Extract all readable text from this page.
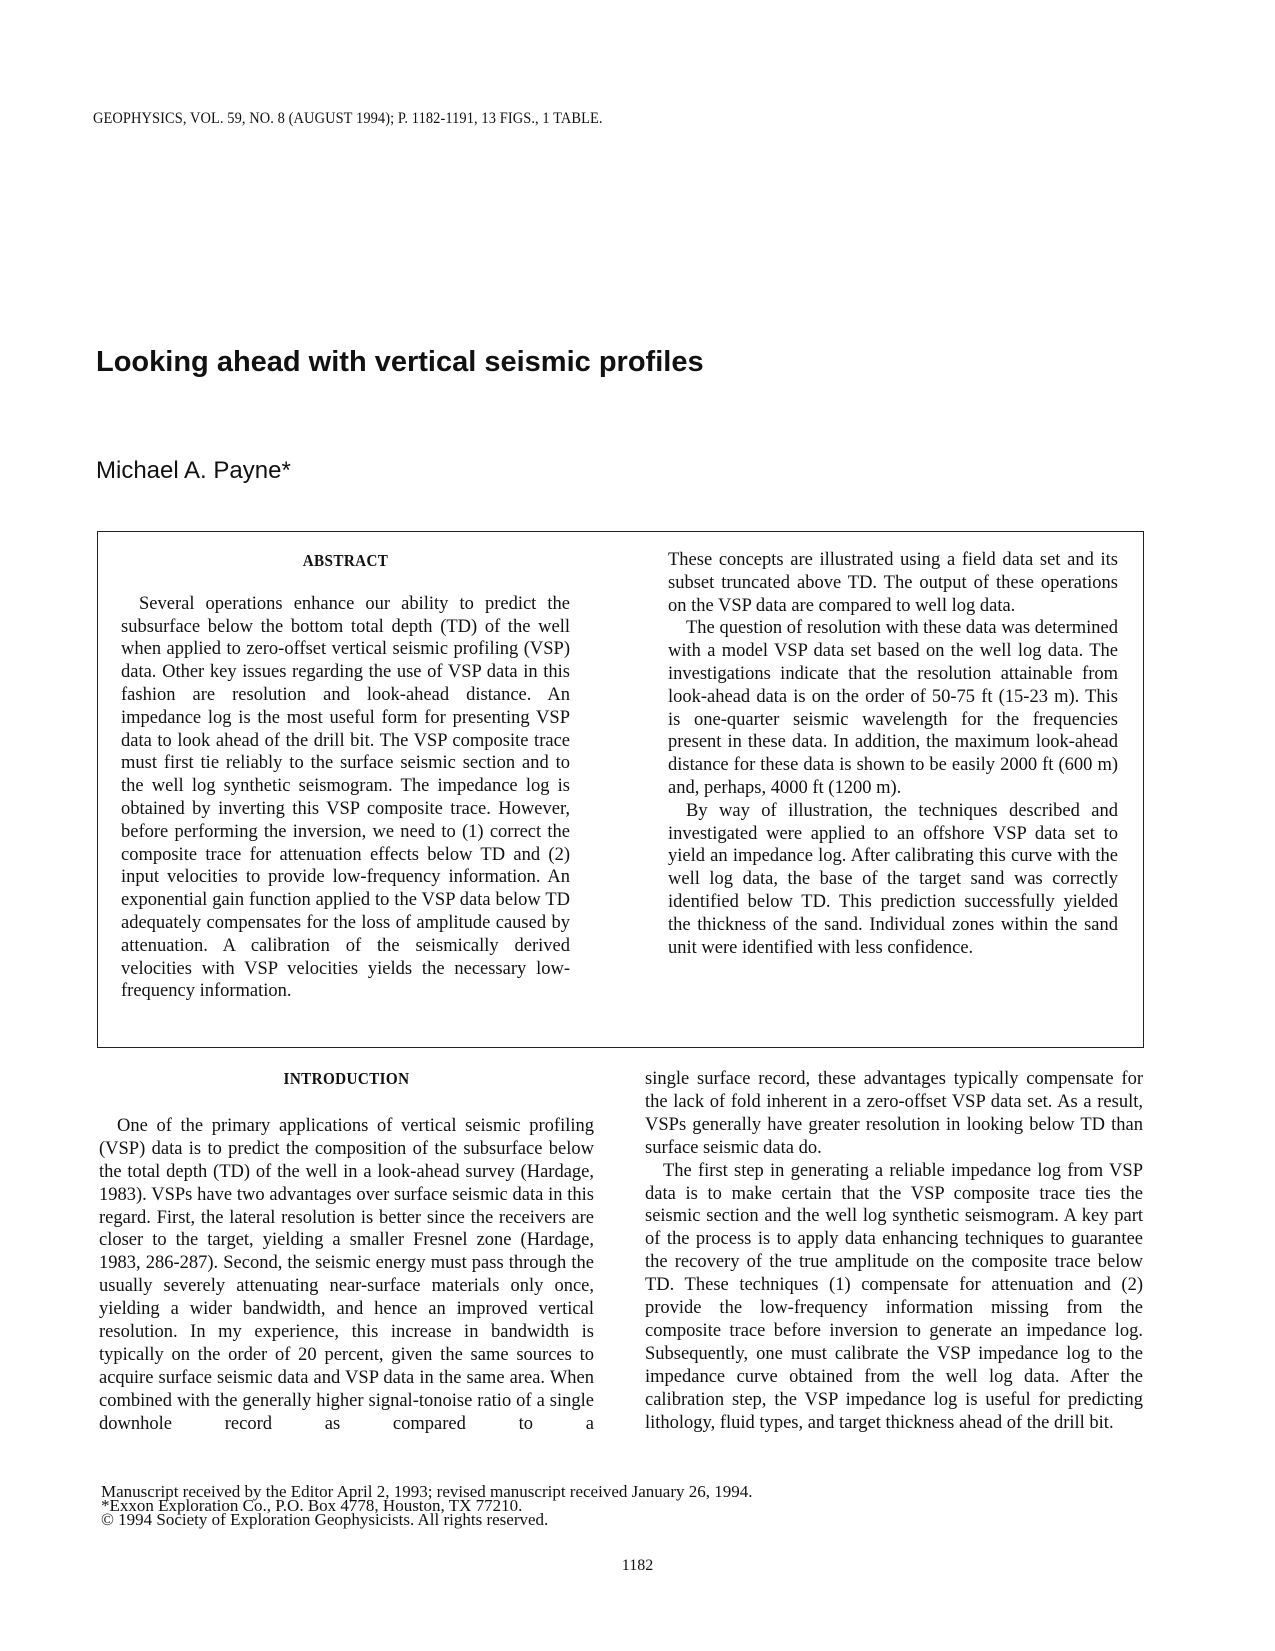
GEOPHYSICS, VOL. 59, NO. 8 (AUGUST 1994); P. 1182-1191, 13 FIGS., 1 TABLE.
Looking ahead with vertical seismic profiles
Michael A. Payne*
ABSTRACT

Several operations enhance our ability to predict the subsurface below the bottom total depth (TD) of the well when applied to zero-offset vertical seismic profiling (VSP) data. Other key issues regarding the use of VSP data in this fashion are resolution and look-ahead distance. An impedance log is the most useful form for presenting VSP data to look ahead of the drill bit. The VSP composite trace must first tie reliably to the surface seismic section and to the well log synthetic seismogram. The impedance log is obtained by inverting this VSP composite trace. However, before performing the inversion, we need to (1) correct the composite trace for attenuation effects below TD and (2) input velocities to provide low-frequency information. An exponential gain function applied to the VSP data below TD adequately compensates for the loss of amplitude caused by attenuation. A calibration of the seismically derived velocities with VSP velocities yields the necessary low-frequency information.

These concepts are illustrated using a field data set and its subset truncated above TD. The output of these operations on the VSP data are compared to well log data.

The question of resolution with these data was determined with a model VSP data set based on the well log data. The investigations indicate that the resolution attainable from look-ahead data is on the order of 50-75 ft (15-23 m). This is one-quarter seismic wavelength for the frequencies present in these data. In addition, the maximum look-ahead distance for these data is shown to be easily 2000 ft (600 m) and, perhaps, 4000 ft (1200 m).

By way of illustration, the techniques described and investigated were applied to an offshore VSP data set to yield an impedance log. After calibrating this curve with the well log data, the base of the target sand was correctly identified below TD. This prediction successfully yielded the thickness of the sand. Individual zones within the sand unit were identified with less confidence.

INTRODUCTION

One of the primary applications of vertical seismic profiling (VSP) data is to predict the composition of the subsurface below the total depth (TD) of the well in a look-ahead survey (Hardage, 1983). VSPs have two advantages over surface seismic data in this regard. First, the lateral resolution is better since the receivers are closer to the target, yielding a smaller Fresnel zone (Hardage, 1983, 286-287). Second, the seismic energy must pass through the usually severely attenuating near-surface materials only once, yielding a wider bandwidth, and hence an improved vertical resolution. In my experience, this increase in bandwidth is typically on the order of 20 percent, given the same sources to acquire surface seismic data and VSP data in the same area. When combined with the generally higher signal-tonoise ratio of a single downhole record as compared to a

single surface record, these advantages typically compensate for the lack of fold inherent in a zero-offset VSP data set. As a result, VSPs generally have greater resolution in looking below TD than surface seismic data do.

The first step in generating a reliable impedance log from VSP data is to make certain that the VSP composite trace ties the seismic section and the well log synthetic seismogram. A key part of the process is to apply data enhancing techniques to guarantee the recovery of the true amplitude on the composite trace below TD. These techniques (1) compensate for attenuation and (2) provide the low-frequency information missing from the composite trace before inversion to generate an impedance log. Subsequently, one must calibrate the VSP impedance log to the impedance curve obtained from the well log data. After the calibration step, the VSP impedance log is useful for predicting lithology, fluid types, and target thickness ahead of the drill bit.

Manuscript received by the Editor April 2, 1993; revised manuscript received January 26, 1994.
*Exxon Exploration Co., P.O. Box 4778, Houston, TX 77210.
© 1994 Society of Exploration Geophysicists. All rights reserved.
1182
